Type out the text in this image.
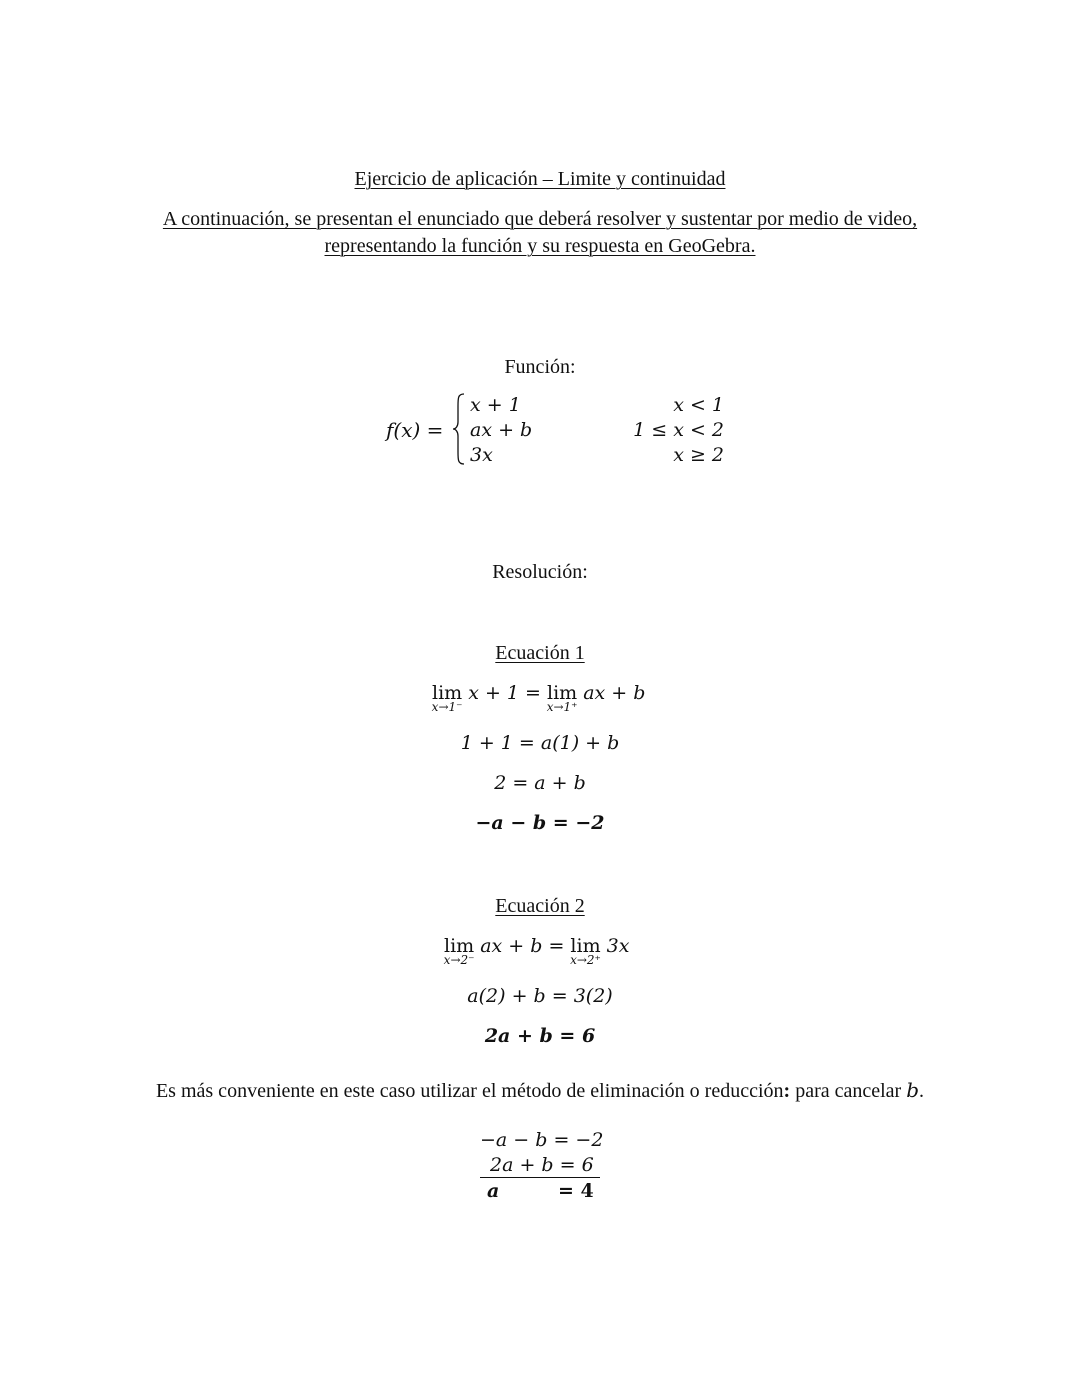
Ejercicio de aplicación – Limite y continuidad
A continuación, se presentan el enunciado que deberá resolver y sustentar por medio de video,
representando la función y su respuesta en GeoGebra.
Función:
f(x) =
x + 1
ax + b
3x
x < 1
1 ≤ x < 2
x ≥ 2
Resolución:
Ecuación 1
lim
x→1⁻
x + 1 = lim
x→1⁺
ax + b
1 + 1 = a(1) + b
2 = a + b
−a − b = −2
Ecuación 2
lim
x→2⁻
ax + b = lim
x→2⁺
3x
a(2) + b = 3(2)
2a + b = 6
Es más conveniente en este caso utilizar el método de eliminación o reducción: para cancelar b.
−a − b = −2
2a + b = 6
a	= 4
